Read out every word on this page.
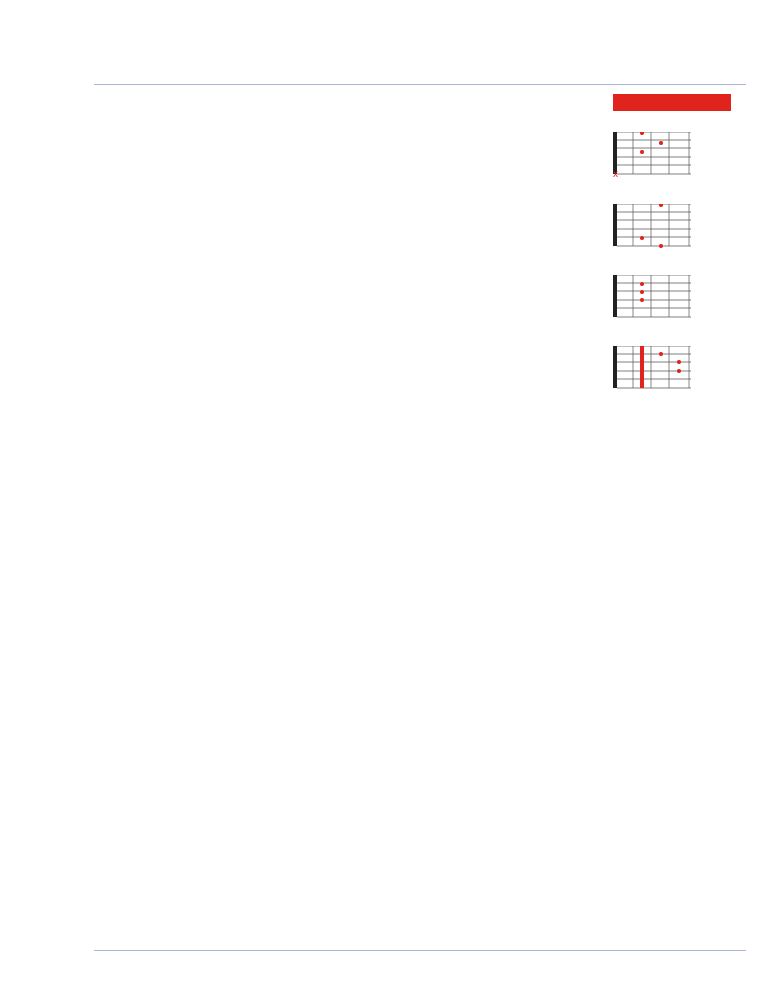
x
